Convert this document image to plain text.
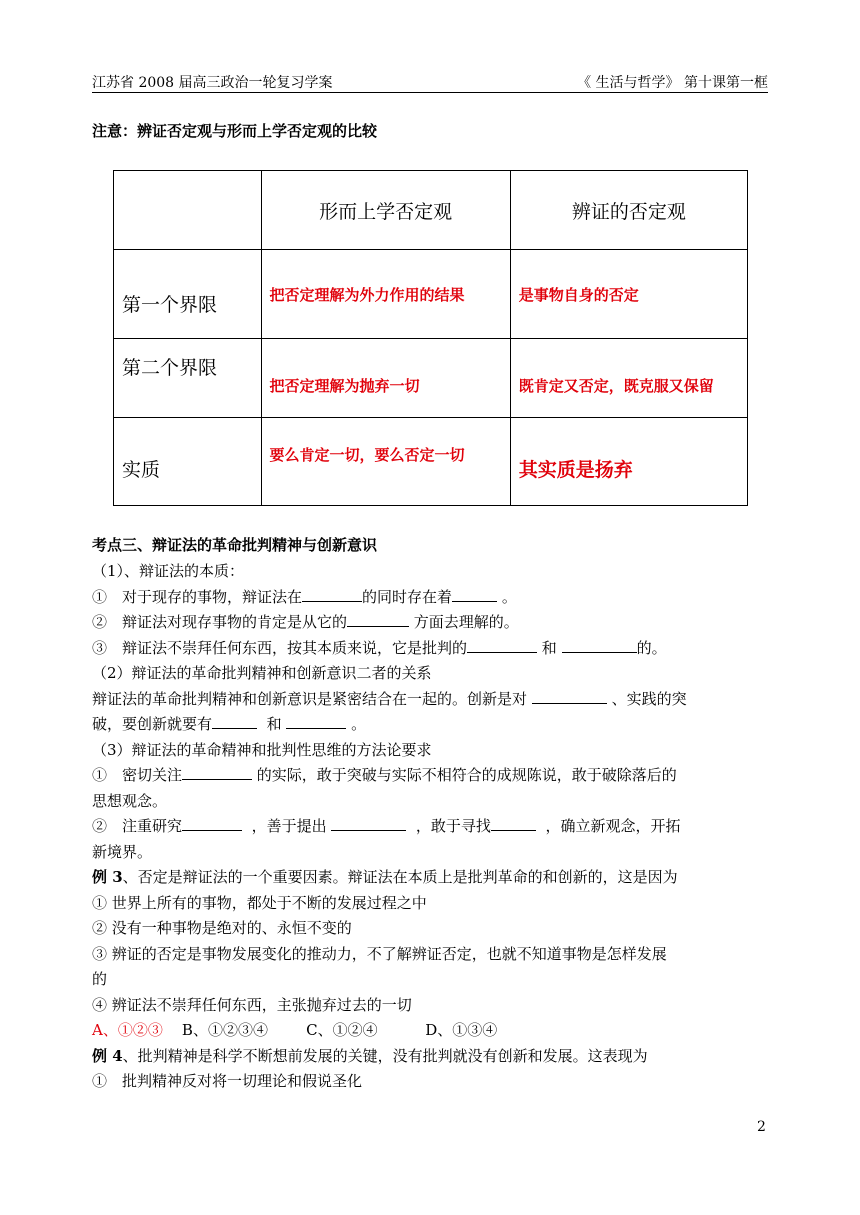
江苏省 2008 届高三政治一轮复习学案	《 生活与哲学》 第十课第一框
注意：辨证否定观与形而上学否定观的比较
	形而上学否定观	辨证的否定观
第一个界限	把否定理解为外力作用的结果	是事物自身的否定
第二个界限	把否定理解为抛弃一切	既肯定又否定，既克服又保留
实质	要么肯定一切，要么否定一切	其实质是扬弃
考点三、辩证法的革命批判精神与创新意识
（1）、辩证法的本质：
①　对于现存的事物，辩证法在	的同时存在着	。
②　辩证法对现存事物的肯定是从它的	方面去理解的。
③　辩证法不崇拜任何东西，按其本质来说，它是批判的	和	的。
（2）辩证法的革命批判精神和创新意识二者的关系
辩证法的革命批判精神和创新意识是紧密结合在一起的。创新是对	、实践的突
破，要创新就要有	和	。
（3）辩证法的革命精神和批判性思维的方法论要求
①　密切关注	的实际，敢于突破与实际不相符合的成规陈说，敢于破除落后的
思想观念。
②　注重研究	，善于提出	，敢于寻找	，确立新观念，开拓
新境界。
例 3、否定是辩证法的一个重要因素。辩证法在本质上是批判革命的和创新的，这是因为
① 世界上所有的事物，都处于不断的发展过程之中
② 没有一种事物是绝对的、永恒不变的
③ 辨证的否定是事物发展变化的推动力，不了解辨证否定，也就不知道事物是怎样发展
的
④ 辨证法不崇拜任何东西，主张抛弃过去的一切
A、①②③ B、①②③④	C、①②④	D、①③④
例 4、批判精神是科学不断想前发展的关键，没有批判就没有创新和发展。这表现为
①　批判精神反对将一切理论和假说圣化
2
